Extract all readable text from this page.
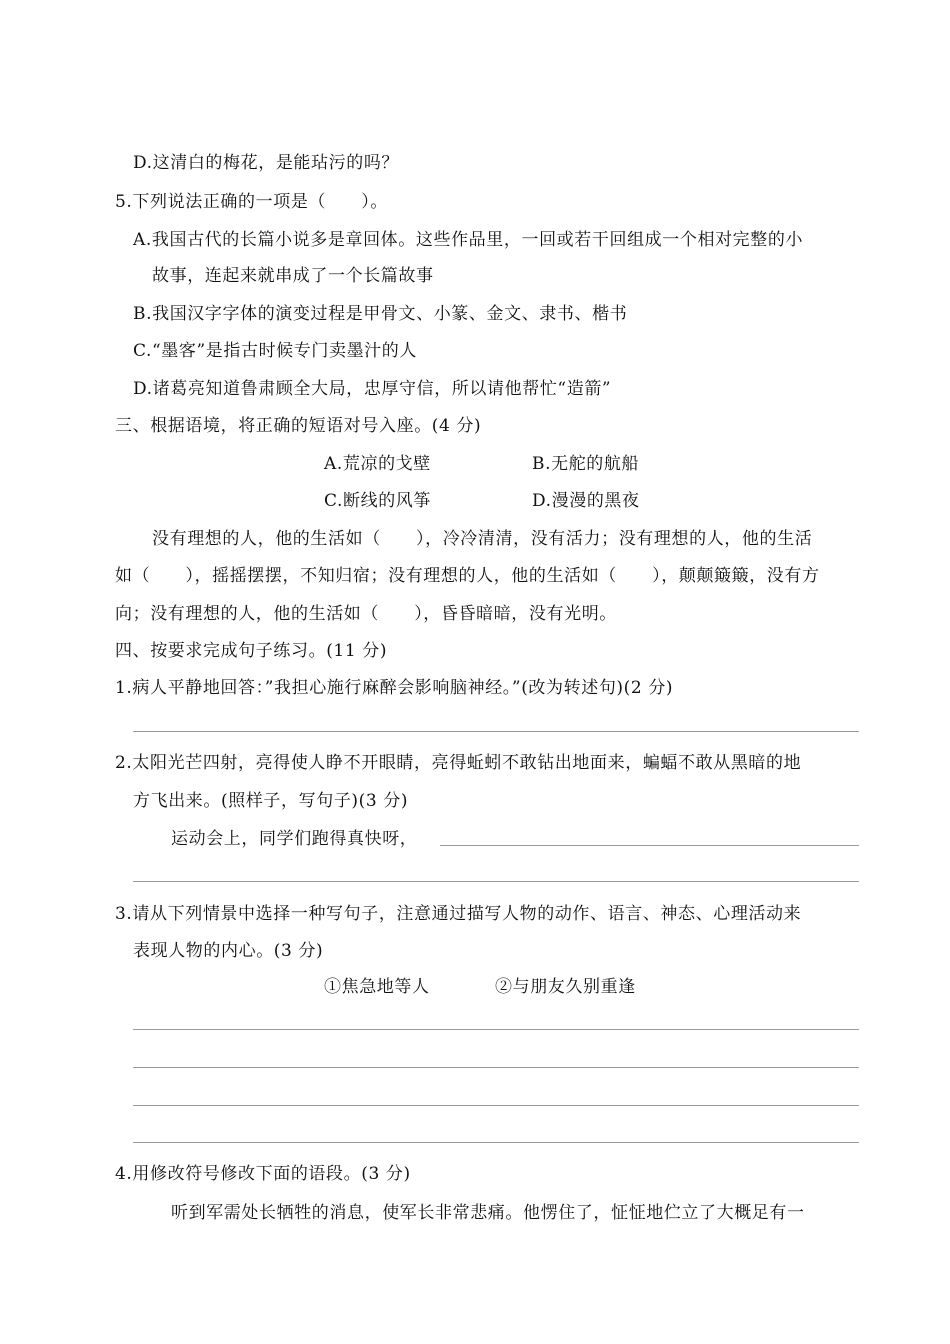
D.这清白的梅花，是能玷污的吗？
5.下列说法正确的一项是（　　）。
A.我国古代的长篇小说多是章回体。这些作品里，一回或若干回组成一个相对完整的小
故事，连起来就串成了一个长篇故事
B.我国汉字字体的演变过程是甲骨文、小篆、金文、隶书、楷书
C.“墨客”是指古时候专门卖墨汁的人
D.诸葛亮知道鲁肃顾全大局，忠厚守信，所以请他帮忙“造箭”
三、根据语境，将正确的短语对号入座。(4 分)
A.荒凉的戈壁	B.无舵的航船
C.断线的风筝	D.漫漫的黑夜
没有理想的人，他的生活如（　　），冷冷清清，没有活力；没有理想的人，他的生活
如（　　），摇摇摆摆，不知归宿；没有理想的人，他的生活如（　　），颠颠簸簸，没有方
向；没有理想的人，他的生活如（　　），昏昏暗暗，没有光明。
四、按要求完成句子练习。(11 分)
1.病人平静地回答：”我担心施行麻醉会影响脑神经。”(改为转述句)(2 分)
2.太阳光芒四射，亮得使人睁不开眼睛，亮得蚯蚓不敢钻出地面来，蝙蝠不敢从黑暗的地
方飞出来。(照样子，写句子)(3 分)
运动会上，同学们跑得真快呀，
3.请从下列情景中选择一种写句子，注意通过描写人物的动作、语言、神态、心理活动来
表现人物的内心。(3 分)
①焦急地等人	②与朋友久别重逢
4.用修改符号修改下面的语段。(3 分)
听到军需处长牺牲的消息，使军长非常悲痛。他愣住了，怔怔地伫立了大概足有一
